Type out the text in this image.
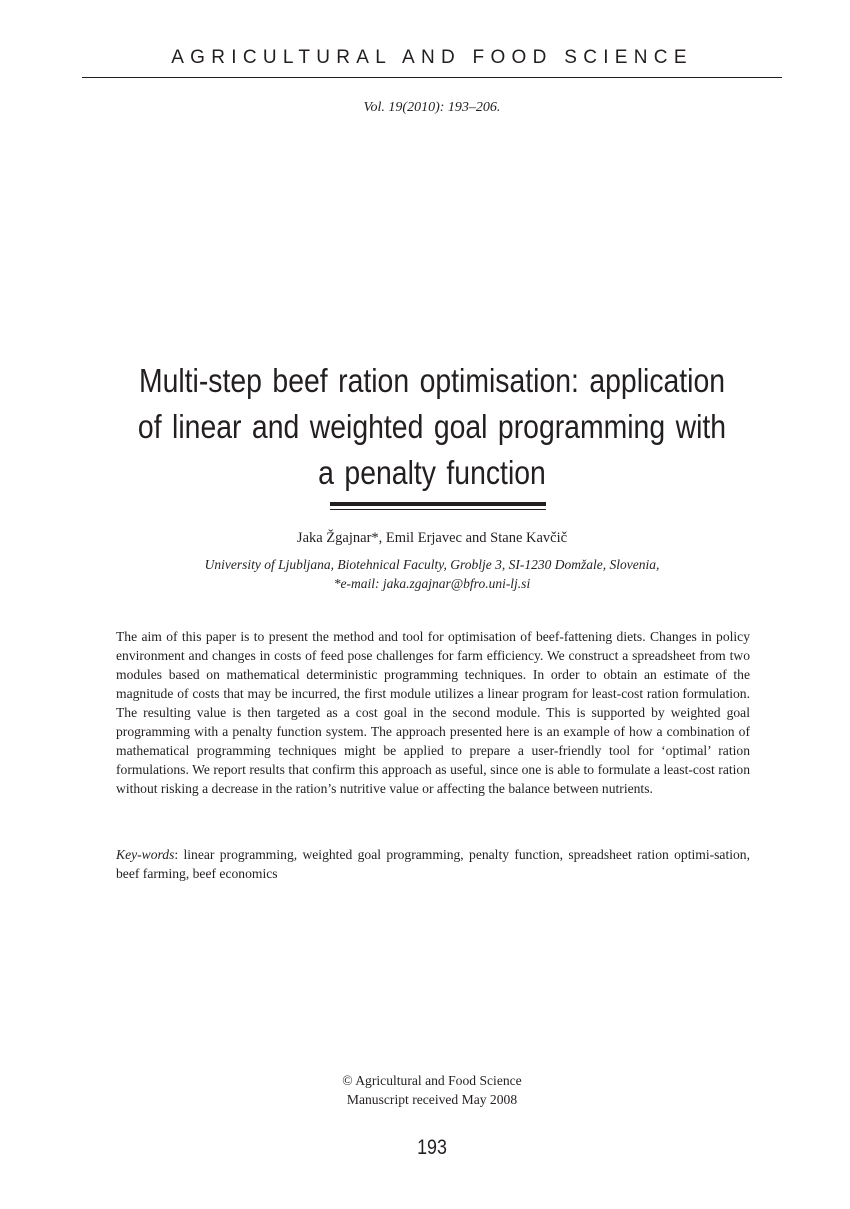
AGRICULTURAL AND FOOD SCIENCE
Vol. 19(2010): 193–206.
Multi-step beef ration optimisation: application of linear and weighted goal programming with a penalty function
Jaka Žgajnar*, Emil Erjavec and Stane Kavčič
University of Ljubljana, Biotehnical Faculty, Groblje 3, SI-1230 Domžale, Slovenia,
*e-mail: jaka.zgajnar@bfro.uni-lj.si

The aim of this paper is to present the method and tool for optimisation of beef-fattening diets. Changes in policy environment and changes in costs of feed pose challenges for farm efficiency. We construct a spreadsheet from two modules based on mathematical deterministic programming techniques. In order to obtain an estimate of the magnitude of costs that may be incurred, the first module utilizes a linear program for least-cost ration formulation. The resulting value is then targeted as a cost goal in the second module. This is supported by weighted goal programming with a penalty function system. The approach presented here is an example of how a combination of mathematical programming techniques might be applied to prepare a user-friendly tool for ‘optimal’ ration formulations. We report results that confirm this approach as useful, since one is able to formulate a least-cost ration without risking a decrease in the ration’s nutritive value or affecting the balance between nutrients.

Key-words: linear programming, weighted goal programming, penalty function, spreadsheet ration optimi-sation, beef farming, beef economics

© Agricultural and Food Science
Manuscript received May 2008
193
